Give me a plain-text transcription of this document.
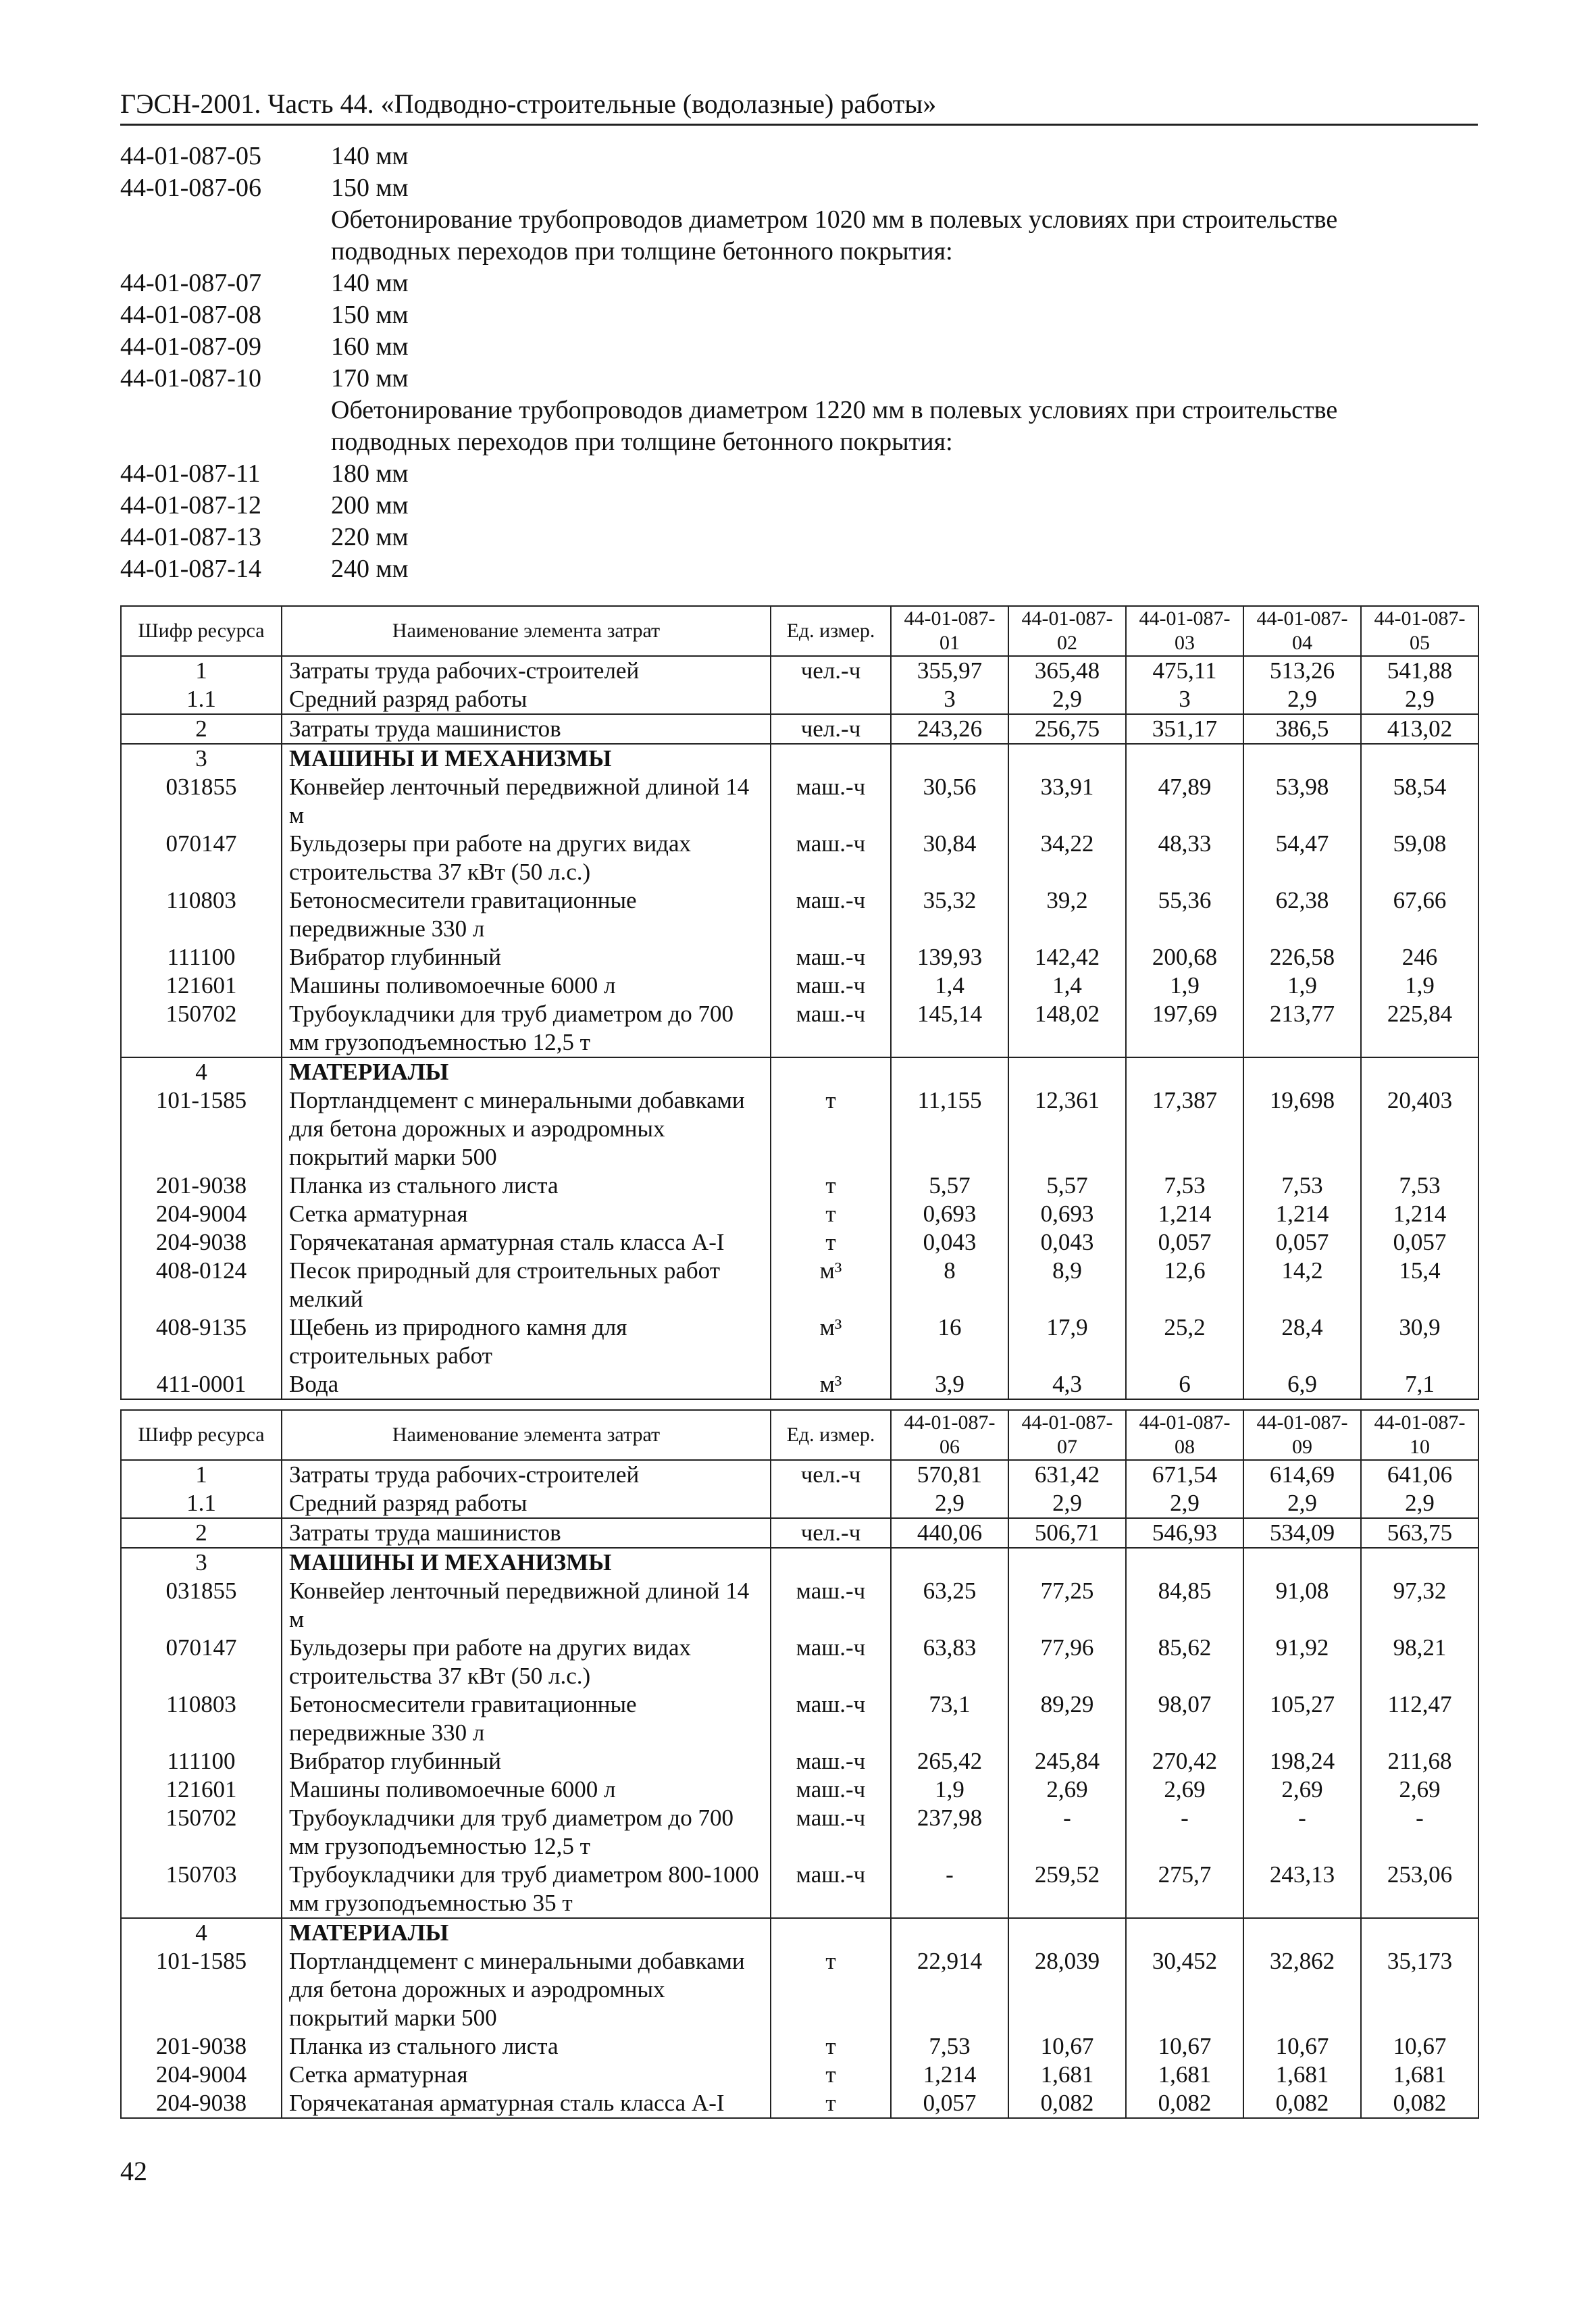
ГЭСН-2001. Часть 44. «Подводно-строительные (водолазные) работы»
44-01-087-05	140 мм
44-01-087-06	150 мм
Обетонирование трубопроводов диаметром 1020 мм в полевых условиях при строительстве
подводных переходов при толщине бетонного покрытия:
44-01-087-07	140 мм
44-01-087-08	150 мм
44-01-087-09	160 мм
44-01-087-10	170 мм
Обетонирование трубопроводов диаметром 1220 мм в полевых условиях при строительстве
подводных переходов при толщине бетонного покрытия:
44-01-087-11	180 мм
44-01-087-12	200 мм
44-01-087-13	220 мм
44-01-087-14	240 мм
Шифр ресурса	Наименование элемента затрат	Ед. измер.	44-01-087-01	44-01-087-02	44-01-087-03	44-01-087-04	44-01-087-05
1	Затраты труда рабочих-строителей	чел.-ч	355,97	365,48	475,11	513,26	541,88
1.1	Средний разряд работы		3	2,9	3	2,9	2,9
2	Затраты труда машинистов	чел.-ч	243,26	256,75	351,17	386,5	413,02
3	МАШИНЫ И МЕХАНИЗМЫ						
031855	Конвейер ленточный передвижной длиной 14 м	маш.-ч	30,56	33,91	47,89	53,98	58,54
070147	Бульдозеры при работе на других видах строительства 37 кВт (50 л.с.)	маш.-ч	30,84	34,22	48,33	54,47	59,08
110803	Бетоносмесители гравитационные передвижные 330 л	маш.-ч	35,32	39,2	55,36	62,38	67,66
111100	Вибратор глубинный	маш.-ч	139,93	142,42	200,68	226,58	246
121601	Машины поливомоечные 6000 л	маш.-ч	1,4	1,4	1,9	1,9	1,9
150702	Трубоукладчики для труб диаметром до 700 мм грузоподъемностью 12,5 т	маш.-ч	145,14	148,02	197,69	213,77	225,84
4	МАТЕРИАЛЫ						
101-1585	Портландцемент с минеральными добавками для бетона дорожных и аэродромных покрытий марки 500	т	11,155	12,361	17,387	19,698	20,403
201-9038	Планка из стального листа	т	5,57	5,57	7,53	7,53	7,53
204-9004	Сетка арматурная	т	0,693	0,693	1,214	1,214	1,214
204-9038	Горячекатаная арматурная сталь класса А-I	т	0,043	0,043	0,057	0,057	0,057
408-0124	Песок природный для строительных работ мелкий	м³	8	8,9	12,6	14,2	15,4
408-9135	Щебень из природного камня для строительных работ	м³	16	17,9	25,2	28,4	30,9
411-0001	Вода	м³	3,9	4,3	6	6,9	7,1
Шифр ресурса	Наименование элемента затрат	Ед. измер.	44-01-087-06	44-01-087-07	44-01-087-08	44-01-087-09	44-01-087-10
1	Затраты труда рабочих-строителей	чел.-ч	570,81	631,42	671,54	614,69	641,06
1.1	Средний разряд работы		2,9	2,9	2,9	2,9	2,9
2	Затраты труда машинистов	чел.-ч	440,06	506,71	546,93	534,09	563,75
3	МАШИНЫ И МЕХАНИЗМЫ						
031855	Конвейер ленточный передвижной длиной 14 м	маш.-ч	63,25	77,25	84,85	91,08	97,32
070147	Бульдозеры при работе на других видах строительства 37 кВт (50 л.с.)	маш.-ч	63,83	77,96	85,62	91,92	98,21
110803	Бетоносмесители гравитационные передвижные 330 л	маш.-ч	73,1	89,29	98,07	105,27	112,47
111100	Вибратор глубинный	маш.-ч	265,42	245,84	270,42	198,24	211,68
121601	Машины поливомоечные 6000 л	маш.-ч	1,9	2,69	2,69	2,69	2,69
150702	Трубоукладчики для труб диаметром до 700 мм грузоподъемностью 12,5 т	маш.-ч	237,98	-	-	-	-
150703	Трубоукладчики для труб диаметром 800-1000 мм грузоподъемностью 35 т	маш.-ч	-	259,52	275,7	243,13	253,06
4	МАТЕРИАЛЫ						
101-1585	Портландцемент с минеральными добавками для бетона дорожных и аэродромных покрытий марки 500	т	22,914	28,039	30,452	32,862	35,173
201-9038	Планка из стального листа	т	7,53	10,67	10,67	10,67	10,67
204-9004	Сетка арматурная	т	1,214	1,681	1,681	1,681	1,681
204-9038	Горячекатаная арматурная сталь класса А-I	т	0,057	0,082	0,082	0,082	0,082
42
